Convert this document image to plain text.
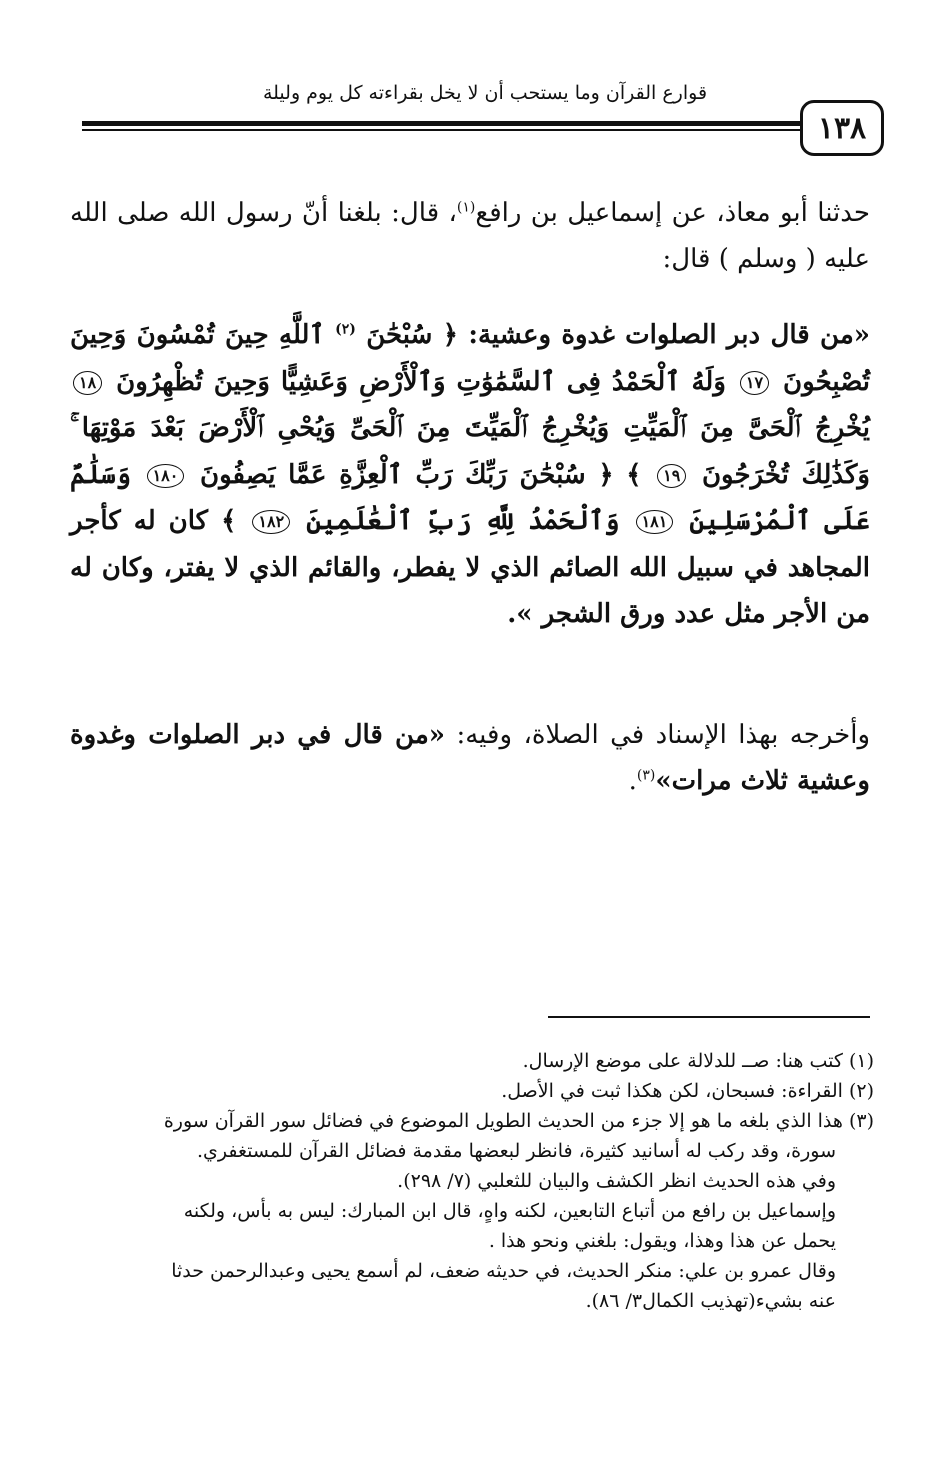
قوارع القرآن وما يستحب أن لا يخل بقراءته كل يوم وليلة
١٣٨
حدثنا أبو معاذ، عن إسماعيل بن رافع$^{(١)}$، قال: بلغنا أنّ رسول الله صلى الله عليه ( وسلم ) قال:
«من قال دبر الصلوات غدوة وعشية: ﴿ سُبْحَٰنَ $^{(٢)}$ ٱللَّهِ حِينَ تُمْسُونَ وَحِينَ تُصْبِحُونَ ١٧ وَلَهُ ٱلْحَمْدُ فِى ٱلسَّمَٰوَٰتِ وَٱلْأَرْضِ وَعَشِيًّا وَحِينَ تُظْهِرُونَ ١٨ يُخْرِجُ ٱلْحَىَّ مِنَ ٱلْمَيِّتِ وَيُخْرِجُ ٱلْمَيِّتَ مِنَ ٱلْحَىِّ وَيُحْىِ ٱلْأَرْضَ بَعْدَ مَوْتِهَا ۚ وَكَذَٰلِكَ تُخْرَجُونَ ١٩ ﴾ ﴿ سُبْحَٰنَ رَبِّكَ رَبِّ ٱلْعِزَّةِ عَمَّا يَصِفُونَ ١٨٠ وَسَلَٰمٌ عَلَى ٱلْمُرْسَلِينَ ١٨١ وَٱلْحَمْدُ لِلَّهِ رَبِّ ٱلْعَٰلَمِينَ ١٨٢ ﴾ كان له كأجر المجاهد في سبيل الله الصائم الذي لا يفطر، والقائم الذي لا يفتر، وكان له من الأجر مثل عدد ورق الشجر ».
وأخرجه بهذا الإسناد في الصلاة، وفيه: «من قال في دبر الصلوات وغدوة وعشية ثلاث مرات»$^{(٣)}$.
(١) كتب هنا: صــ للدلالة على موضع الإرسال.
(٢) القراءة: فسبحان، لكن هكذا ثبت في الأصل.
(٣) هذا الذي بلغه ما هو إلا جزء من الحديث الطويل الموضوع في فضائل سور القرآن سورة
سورة، وقد ركب له أسانيد كثيرة، فانظر لبعضها مقدمة فضائل القرآن للمستغفري.
وفي هذه الحديث انظر الكشف والبيان للثعلبي (٧/ ٢٩٨).
وإسماعيل بن رافع من أتباع التابعين، لكنه واهٍ، قال ابن المبارك: ليس به بأس، ولكنه
يحمل عن هذا وهذا، ويقول: بلغني ونحو هذا .
وقال عمرو بن علي: منكر الحديث، في حديثه ضعف، لم أسمع يحيى وعبدالرحمن حدثا
عنه بشيء(تهذيب الكمال٣/ ٨٦).
